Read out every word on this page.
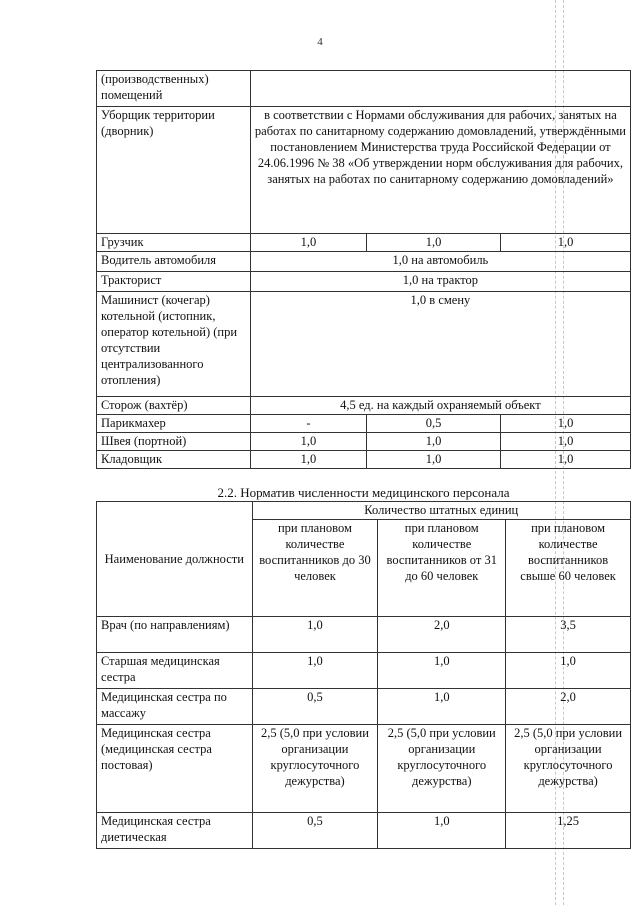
4
(производственных) помещений			
Уборщик территории (дворник)	в соответствии с Нормами обслуживания для рабочих, занятых на работах по санитарному содержанию домовладений, утверждёнными постановлением Министерства труда Российской Федерации от 24.06.1996 № 38 «Об утверждении норм обслуживания для рабочих, занятых на работах по санитарному содержанию домовладений»		
Грузчик	1,0	1,0	1,0
Водитель автомобиля	1,0 на автомобиль		
Тракторист	1,0 на трактор		
Машинист (кочегар) котельной (истопник, оператор котельной) (при отсутствии централизованного отопления)	1,0 в смену		
Сторож (вахтёр)	4,5 ед. на каждый охраняемый объект		
Парикмахер	-	0,5	1,0
Швея (портной)	1,0	1,0	1,0
Кладовщик	1,0	1,0	1,0
2.2. Норматив численности медицинского персонала
Наименование должности	Количество штатных единиц		
	при плановом количестве воспитанников до 30 человек	при плановом количестве воспитанников от 31 до 60 человек	при плановом количестве воспитанников свыше 60 человек
Врач (по направлениям)	1,0	2,0	3,5
Старшая медицинская сестра	1,0	1,0	1,0
Медицинская сестра по массажу	0,5	1,0	2,0
Медицинская сестра (медицинская сестра постовая)	2,5 (5,0 при условии организации круглосуточного дежурства)	2,5 (5,0 при условии организации круглосуточного дежурства)	2,5 (5,0 при условии организации круглосуточного дежурства)
Медицинская сестра диетическая	0,5	1,0	1,25
